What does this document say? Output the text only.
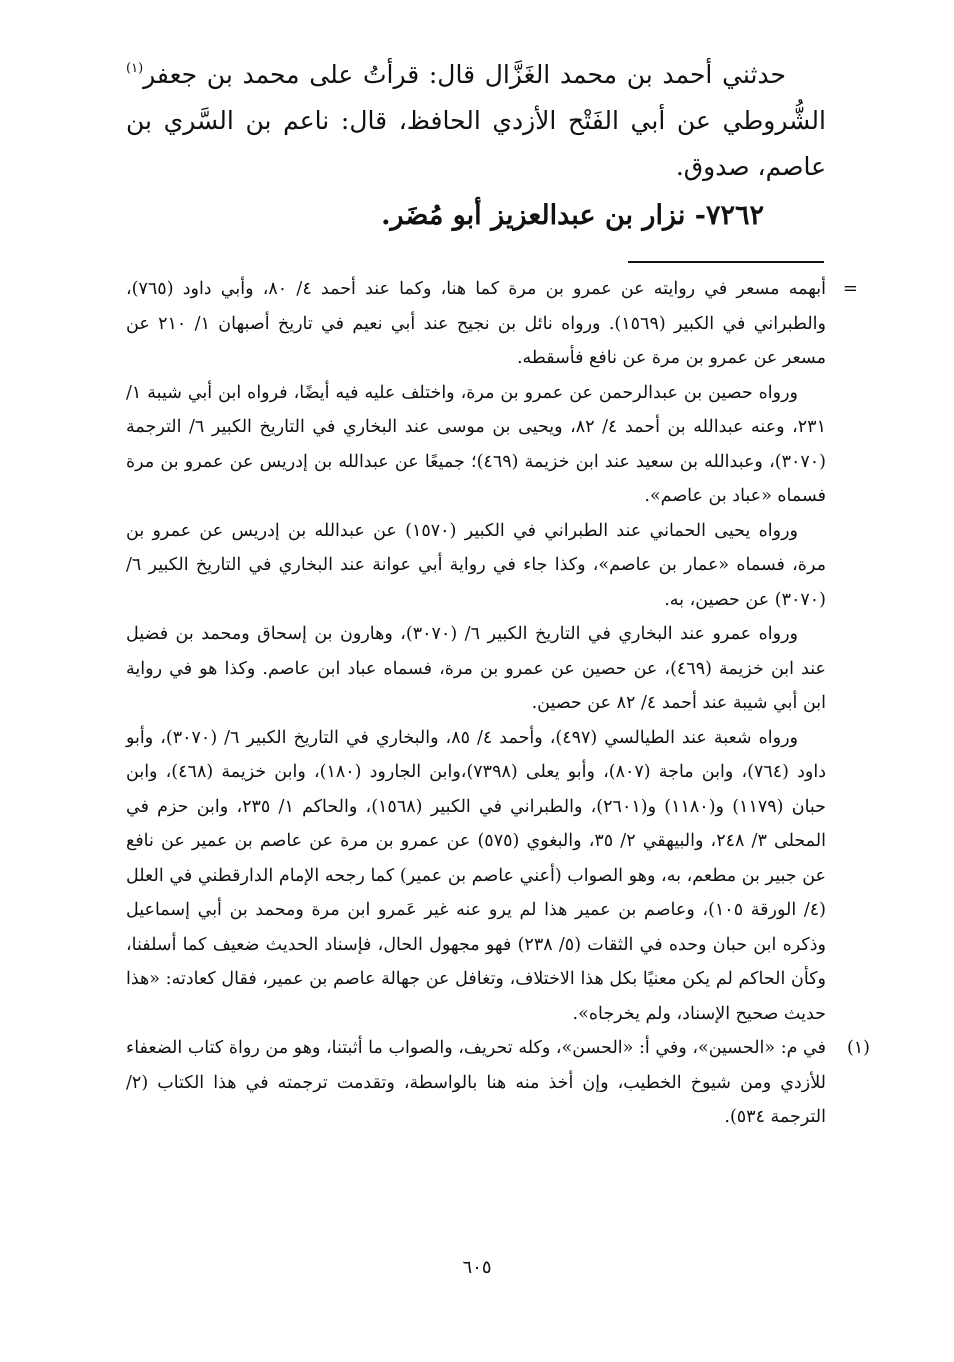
حدثني أحمد بن محمد الغَزَّال قال: قرأتُ على محمد بن جعفر$^{(١)}$ الشُّروطي عن أبي الفَتْح الأزدي الحافظ، قال: ناعم بن السَّري بن عاصم، صدوق.

٧٢٦٢- نزار بن عبدالعزيز أبو مُضَر.
=

أبهمه مسعر في روايته عن عمرو بن مرة كما هنا، وكما عند أحمد ٤/ ٨٠، وأبي داود (٧٦٥)، والطبراني في الكبير (١٥٦٩). ورواه نائل بن نجيح عند أبي نعيم في تاريخ أصبهان ١/ ٢١٠ عن مسعر عن عمرو بن مرة عن نافع فأسقطه.

ورواه حصين بن عبدالرحمن عن عمرو بن مرة، واختلف عليه فيه أيضًا، فرواه ابن أبي شيبة ١/ ٢٣١، وعنه عبدالله بن أحمد ٤/ ٨٢، ويحيى بن موسى عند البخاري في التاريخ الكبير ٦/ الترجمة (٣٠٧٠)، وعبدالله بن سعيد عند ابن خزيمة (٤٦٩)؛ جميعًا عن عبدالله بن إدريس عن عمرو بن مرة فسماه «عباد بن عاصم».

ورواه يحيى الحماني عند الطبراني في الكبير (١٥٧٠) عن عبدالله بن إدريس عن عمرو بن مرة، فسماه «عمار بن عاصم»، وكذا جاء في رواية أبي عوانة عند البخاري في التاريخ الكبير ٦/ (٣٠٧٠) عن حصين، به.

ورواه عمرو عند البخاري في التاريخ الكبير ٦/ (٣٠٧٠)، وهارون بن إسحاق ومحمد بن فضيل عند ابن خزيمة (٤٦٩)، عن حصين عن عمرو بن مرة، فسماه عباد ابن عاصم. وكذا هو في رواية ابن أبي شيبة عند أحمد ٤/ ٨٢ عن حصين.

ورواه شعبة عند الطيالسي (٤٩٧)، وأحمد ٤/ ٨٥، والبخاري في التاريخ الكبير ٦/ (٣٠٧٠)، وأبو داود (٧٦٤)، وابن ماجة (٨٠٧)، وأبو يعلى (٧٣٩٨)،وابن الجارود (١٨٠)، وابن خزيمة (٤٦٨)، وابن حبان (١١٧٩) و(١١٨٠) و(٢٦٠١)، والطبراني في الكبير (١٥٦٨)، والحاكم ١/ ٢٣٥، وابن حزم في المحلى ٣/ ٢٤٨، والبيهقي ٢/ ٣٥، والبغوي (٥٧٥) عن عمرو بن مرة عن عاصم بن عمير عن نافع عن جبير بن مطعم، به، وهو الصواب (أعني عاصم بن عمير) كما رجحه الإمام الدارقطني في العلل (٤/ الورقة ١٠٥)، وعاصم بن عمير هذا لم يرو عنه غير عَمرو ابن مرة ومحمد بن أبي إسماعيل وذكره ابن حبان وحده في الثقات (٥/ ٢٣٨) فهو مجهول الحال، فإسناد الحديث ضعيف كما أسلفنا، وكأن الحاكم لم يكن معنيًا بكل هذا الاختلاف، وتغافل عن جهالة عاصم بن عمير، فقال كعادته: «هذا حديث صحيح الإسناد، ولم يخرجاه».

(١)

في م: «الحسين»، وفي أ: «الحسن»، وكله تحريف، والصواب ما أثبتنا، وهو من رواة كتاب الضعفاء للأزدي ومن شيوخ الخطيب، وإن أخذ منه هنا بالواسطة، وتقدمت ترجمته في هذا الكتاب (٢/ الترجمة ٥٣٤).

٦٠٥
